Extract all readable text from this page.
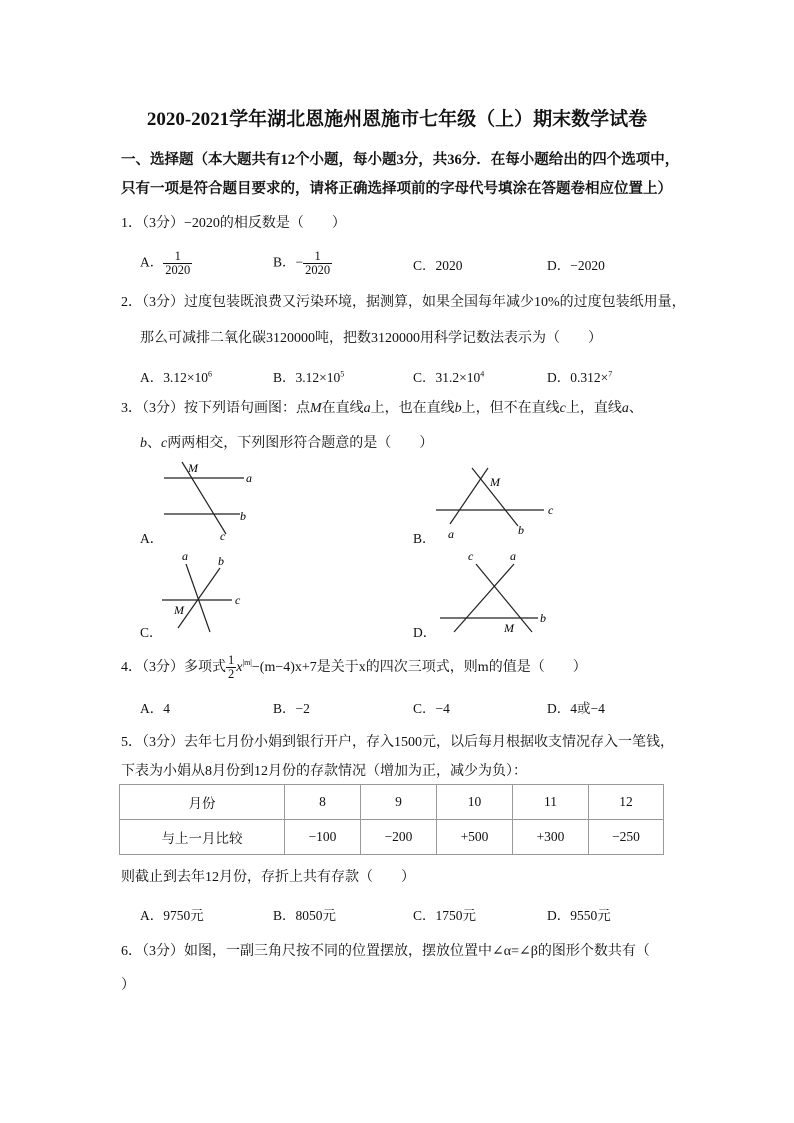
2020-2021学年湖北恩施州恩施市七年级（上）期末数学试卷
一、选择题（本大题共有12个小题，每小题3分，共36分．在每小题给出的四个选项中，
只有一项是符合题目要求的，请将正确选择项前的字母代号填涂在答题卷相应位置上）
1．（3分）−2020的相反数是（　　）
A． $\frac{1}{2020}$	B．− $\frac{1}{2020}$	C．2020	D．−2020
2．（3分）过度包装既浪费又污染环境，据测算，如果全国每年减少10%的过度包装纸用量，
那么可减排二氧化碳3120000吨，把数3120000用科学记数法表示为（　　）
A．$3.12\times 10^6$	B．$3.12\times 10^5$	C．$31.2\times 10^4$	D．0.312×$^7$
3．（3分）按下列语句画图：点M在直线a上，也在直线b上，但不在直线c上，直线a、
b、c两两相交，下列图形符合题意的是（　　）
M
a
b
c
A．
M
c
b
a
B．
a	b
c
M
C．
c	a
b
M
D．
4．（3分）多项式 $\frac{1}{2} x^{|m|}-(m-4)x+7$是关于x的四次三项式，则m的值是（　　）
A．4	B．−2	C．−4	D．4或−4
5．（3分）去年七月份小娟到银行开户，存入1500元，以后每月根据收支情况存入一笔钱，
下表为小娟从8月份到12月份的存款情况（增加为正，减少为负）：
月份	8	9	10	11	12
与上一月比较	−100	−200	+500	+300	−250
则截止到去年12月份，存折上共有存款（　　）
A．9750元	B．8050元	C．1750元	D．9550元
6．（3分）如图，一副三角尺按不同的位置摆放，摆放位置中∠α=∠β的图形个数共有（
）
